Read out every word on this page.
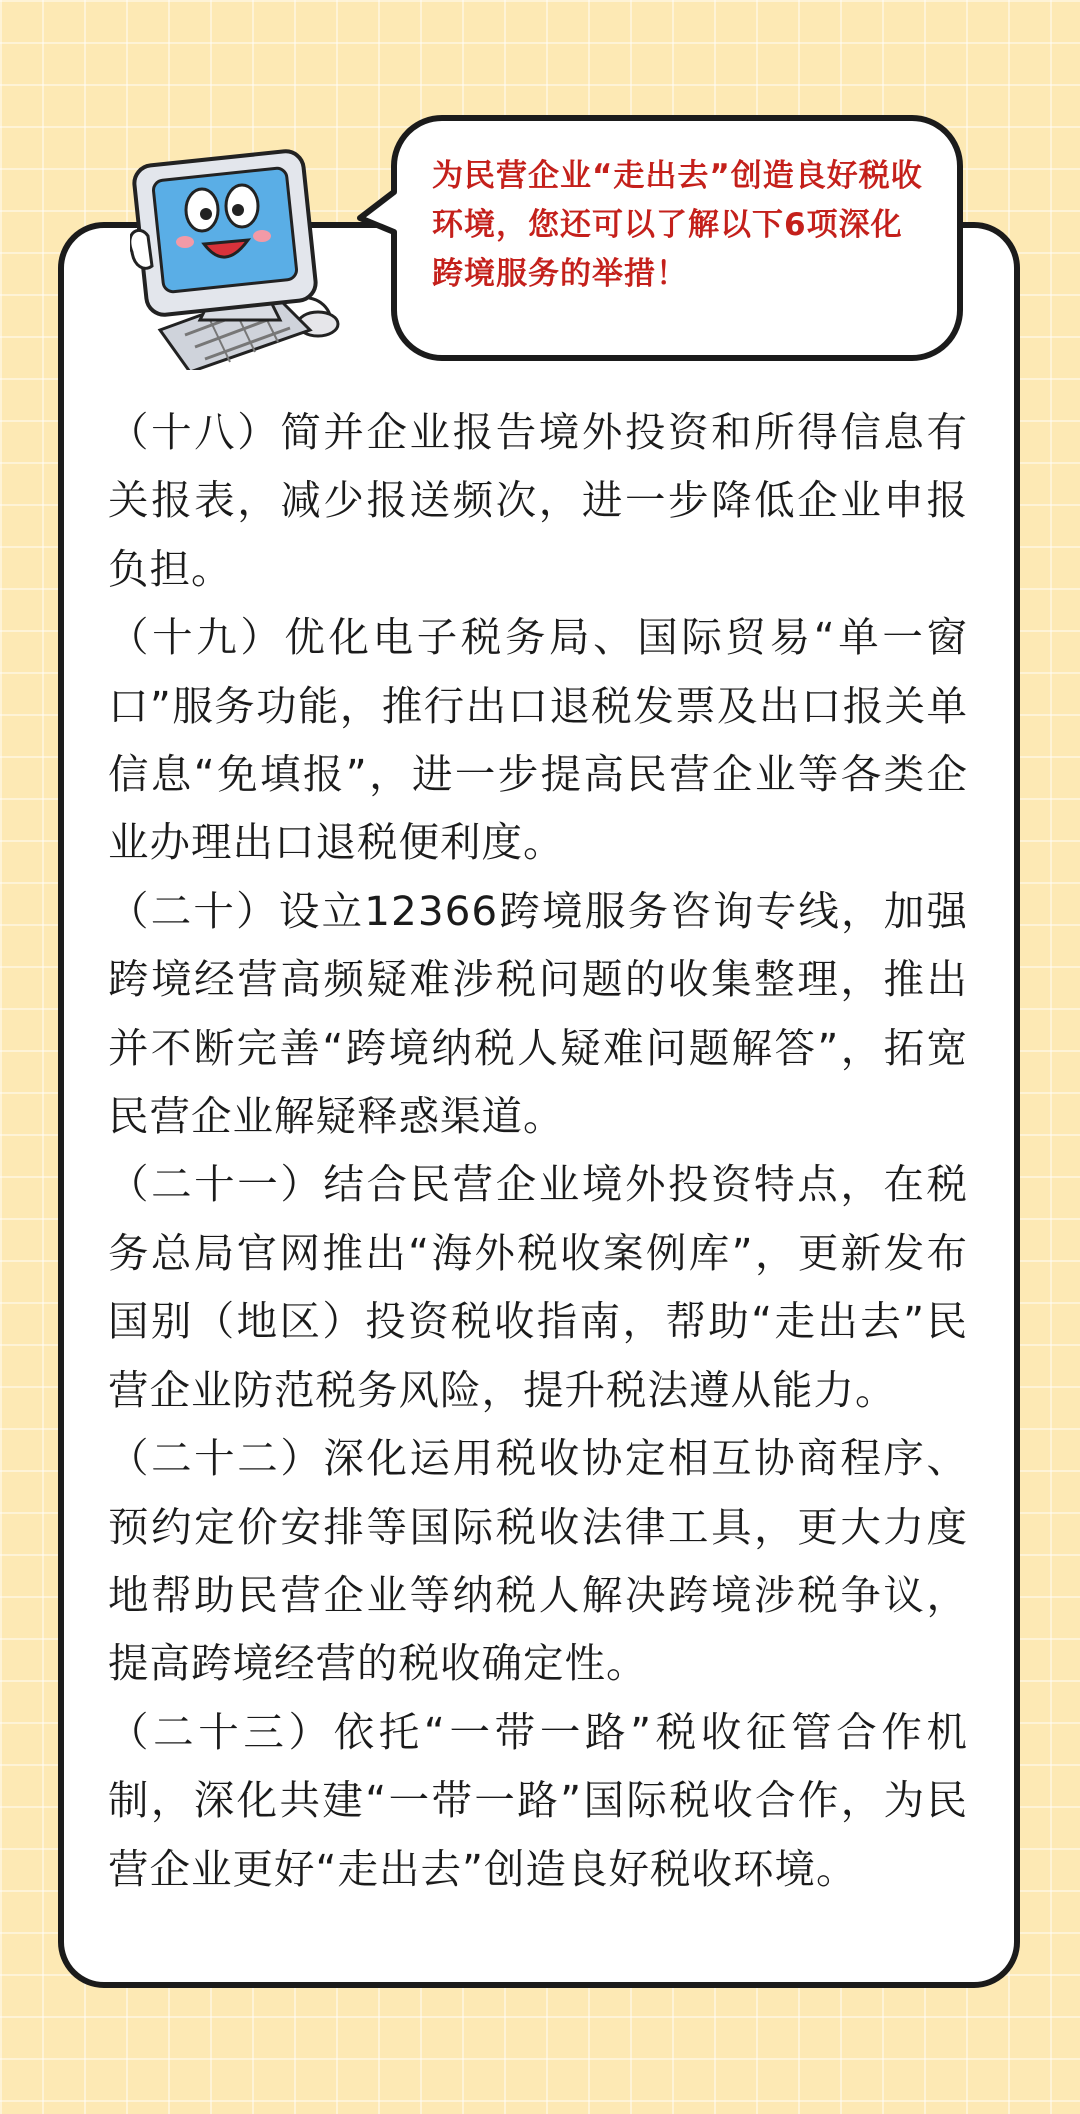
为民营企业“走出去”创造良好税收环境，您还可以了解以下6项深化跨境服务的举措！

（十八）简并企业报告境外投资和所得信息有关报表，减少报送频次，进一步降低企业申报负担。

（十九）优化电子税务局、国际贸易“单一窗口”服务功能，推行出口退税发票及出口报关单信息“免填报”，进一步提高民营企业等各类企业办理出口退税便利度。

（二十）设立12366跨境服务咨询专线，加强跨境经营高频疑难涉税问题的收集整理，推出并不断完善“跨境纳税人疑难问题解答”，拓宽民营企业解疑释惑渠道。

（二十一）结合民营企业境外投资特点，在税务总局官网推出“海外税收案例库”，更新发布国别（地区）投资税收指南，帮助“走出去”民营企业防范税务风险，提升税法遵从能力。

（二十二）深化运用税收协定相互协商程序、预约定价安排等国际税收法律工具，更大力度地帮助民营企业等纳税人解决跨境涉税争议，提高跨境经营的税收确定性。

（二十三）依托“一带一路”税收征管合作机制，深化共建“一带一路”国际税收合作，为民营企业更好“走出去”创造良好税收环境。
